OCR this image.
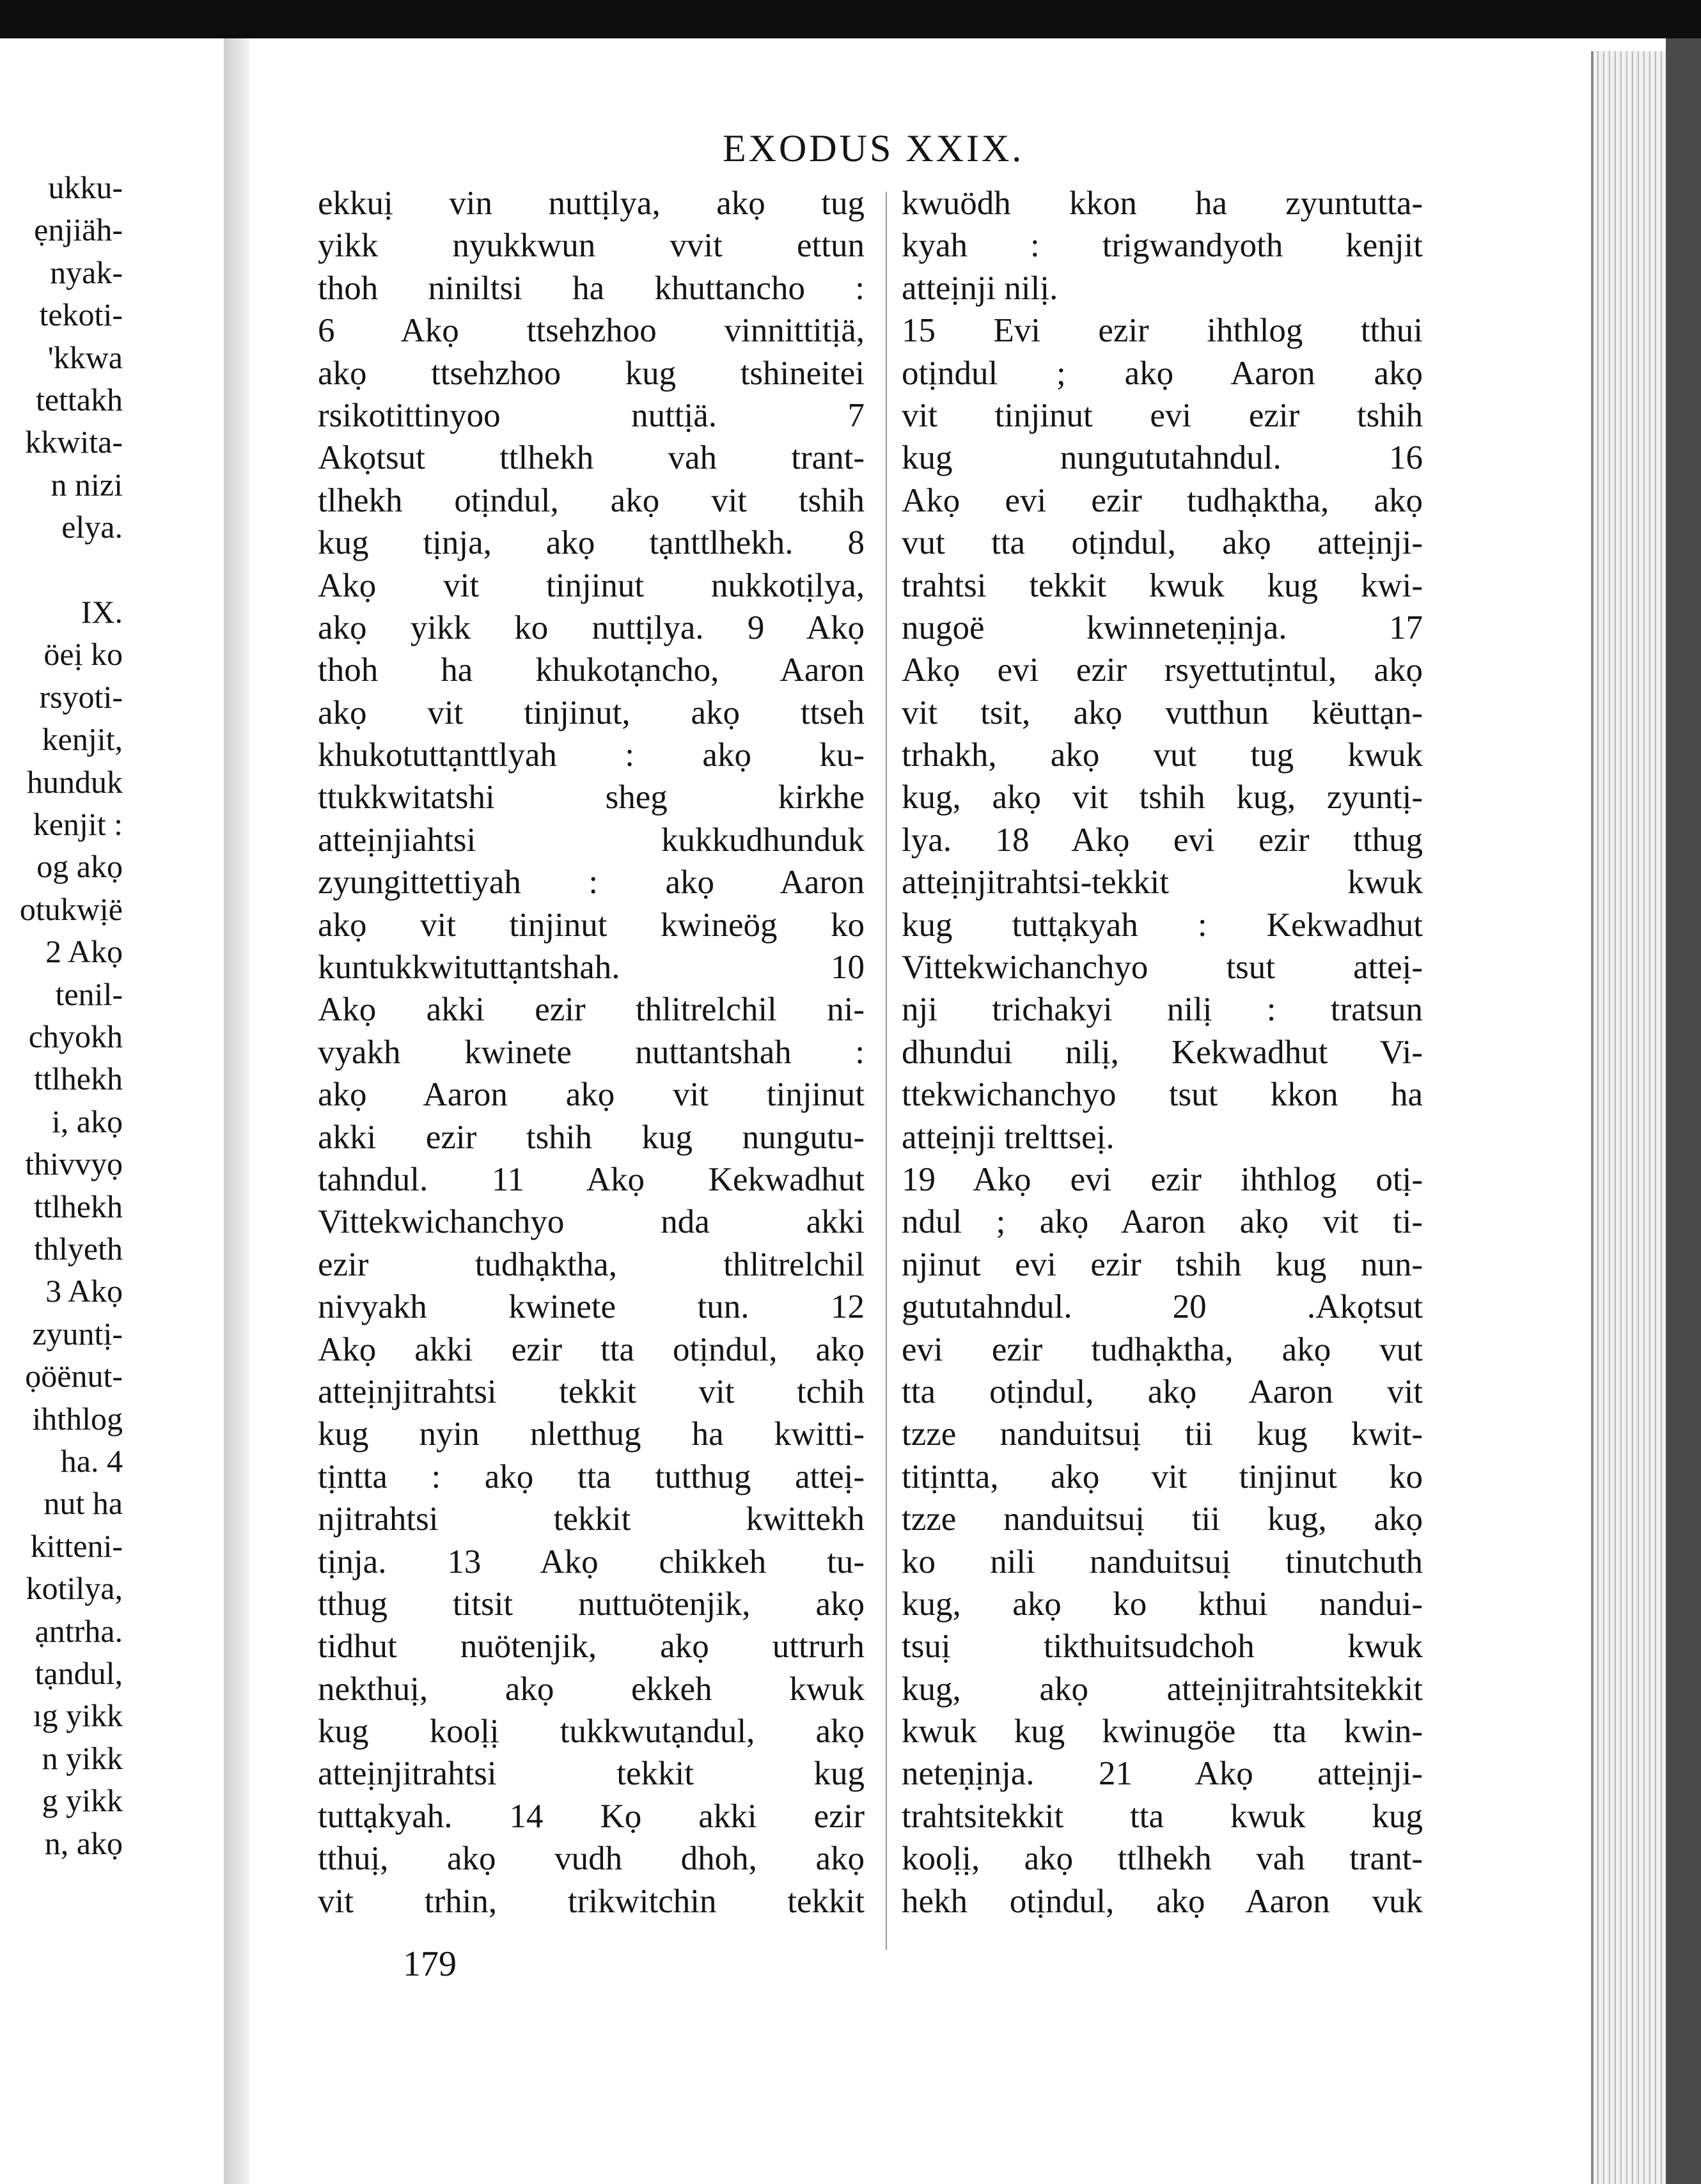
ukku-
ẹnjiäh-
nyak-
tekoti-
'kkwa
tettakh
kkwita-
n nizi
elya.
IX.
öeị ko
rsyoti-
kenjit,
hunduk
kenjit :
og akọ
otukwịë
2 Akọ
tenil-
chyokh
ttlhekh
i, akọ
thivvyọ
ttlhekh
thlyeth
3 Akọ
zyuntị-
ọöënut-
ihthlog
ha. 4
nut ha
kitteni-
kotilya,
ạntrha.
tạndul,
ıg yikk
n yikk
g yikk
n, akọ
EXODUS XXIX.
ekkuị vin nuttịlya, akọ tug
yikk nyukkwun vvit ettun
thoh niniltsi ha khuttancho :
6 Akọ ttsehzhoo vinnittitịä,
akọ ttsehzhoo kug tshineitei
rsikotittinyoo nuttịä. 7
Akọtsut ttlhekh vah trant-
tlhekh otịndul, akọ vit tshih
kug tịnja, akọ tạnttlhekh. 8
Akọ vit tinjinut nukkotịlya,
akọ yikk ko nuttịlya. 9 Akọ
thoh ha khukotạncho, Aaron
akọ vit tinjinut, akọ ttseh
khukotuttạnttlyah : akọ ku-
ttukkwitatshi sheg kirkhe
atteịnjiahtsi kukkudhunduk
zyungittettiyah : akọ Aaron
akọ vit tinjinut kwineög ko
kuntukkwituttạntshah. 10
Akọ akki ezir thlitrelchil ni-
vyakh kwinete nuttantshah :
akọ Aaron akọ vit tinjinut
akki ezir tshih kug nungutu-
tahndul. 11 Akọ Kekwadhut
Vittekwichanchyo nda akki
ezir tudhạktha, thlitrelchil
nivyakh kwinete tun. 12
Akọ akki ezir tta otịndul, akọ
atteịnjitrahtsi tekkit vit tchih
kug nyin nletthug ha kwitti-
tịntta : akọ tta tutthug atteị-
njitrahtsi tekkit kwittekh
tịnja. 13 Akọ chikkeh tu-
tthug titsit nuttuötenjik, akọ
tidhut nuötenjik, akọ uttrurh
nekthuị, akọ ekkeh kwuk
kug kooḷị tukkwutạndul, akọ
atteịnjitrahtsi tekkit kug
tuttạkyah. 14 Kọ akki ezir
tthuị, akọ vudh dhoh, akọ
vit trhin, trikwitchin tekkit
kwuödh kkon ha zyuntutta-
kyah : trigwandyoth kenjit
atteịnji nilị.
15 Evi ezir ihthlog tthui
otịndul ; akọ Aaron akọ
vit tinjinut evi ezir tshih
kug nungututahndul. 16
Akọ evi ezir tudhạktha, akọ
vut tta otịndul, akọ atteịnji-
trahtsi tekkit kwuk kug kwi-
nugoë kwinneteṇịnja. 17
Akọ evi ezir rsyettutịntul, akọ
vit tsit, akọ vutthun këuttạn-
trhakh, akọ vut tug kwuk
kug, akọ vit tshih kug, zyuntị-
lya. 18 Akọ evi ezir tthug
atteịnjitrahtsi-tekkit kwuk
kug tuttạkyah : Kekwadhut
Vittekwichanchyo tsut atteị-
nji trichakyi nilị : tratsun
dhundui nilị, Kekwadhut Vi-
ttekwichanchyo tsut kkon ha
atteịnji trelttseị.
19 Akọ evi ezir ihthlog otị-
ndul ; akọ Aaron akọ vit ti-
njinut evi ezir tshih kug nun-
gututahndul. 20 .Akọtsut
evi ezir tudhạktha, akọ vut
tta otịndul, akọ Aaron vit
tzze nanduitsuị tii kug kwit-
titịntta, akọ vit tinjinut ko
tzze nanduitsuị tii kug, akọ
ko nili nanduitsuị tinutchuth
kug, akọ ko kthui nandui-
tsuị tikthuitsudchoh kwuk
kug, akọ atteịnjitrahtsitekkit
kwuk kug kwinugöe tta kwin-
neteṇịnja. 21 Akọ atteịnji-
trahtsitekkit tta kwuk kug
kooḷị, akọ ttlhekh vah trant-
hekh otịndul, akọ Aaron vuk
179
